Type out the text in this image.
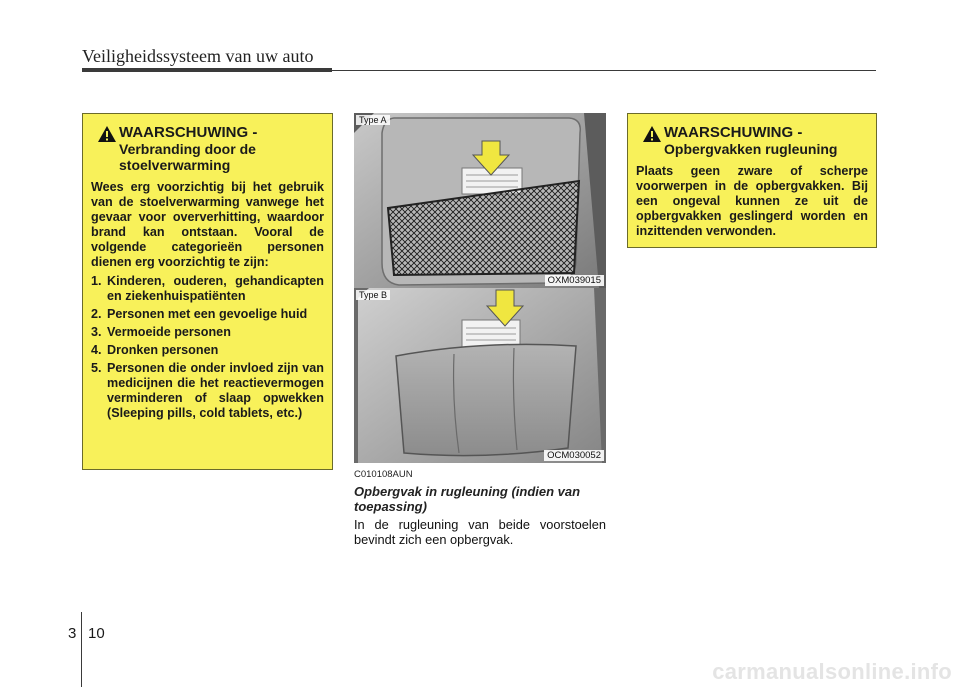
Veiligheidssysteem van uw auto
WAARSCHUWING -
Verbranding door de stoelverwarming
Wees erg voorzichtig bij het gebruik van de stoelverwarming vanwege het gevaar voor oververhitting, waardoor brand kan ontstaan. Vooral de volgende categorieën personen dienen erg voorzichtig te zijn:
1. Kinderen, ouderen, gehandicapten en ziekenhuispatiënten
2. Personen met een gevoelige huid
3. Vermoeide personen
4. Dronken personen
5. Personen die onder invloed zijn van medicijnen die het reactievermogen verminderen of slaap opwekken (Sleeping pills, cold tablets, etc.)
Type A
OXM039015
Type B
OCM030052
C010108AUN
Opbergvak in rugleuning (indien van toepassing)
In de rugleuning van beide voorstoelen bevindt zich een opbergvak.
WAARSCHUWING -
Opbergvakken rugleuning
Plaats geen zware of scherpe voorwerpen in de opbergvakken. Bij een ongeval kunnen ze uit de opbergvakken geslingerd worden en inzittenden verwonden.
3 10
carmanualsonline.info
